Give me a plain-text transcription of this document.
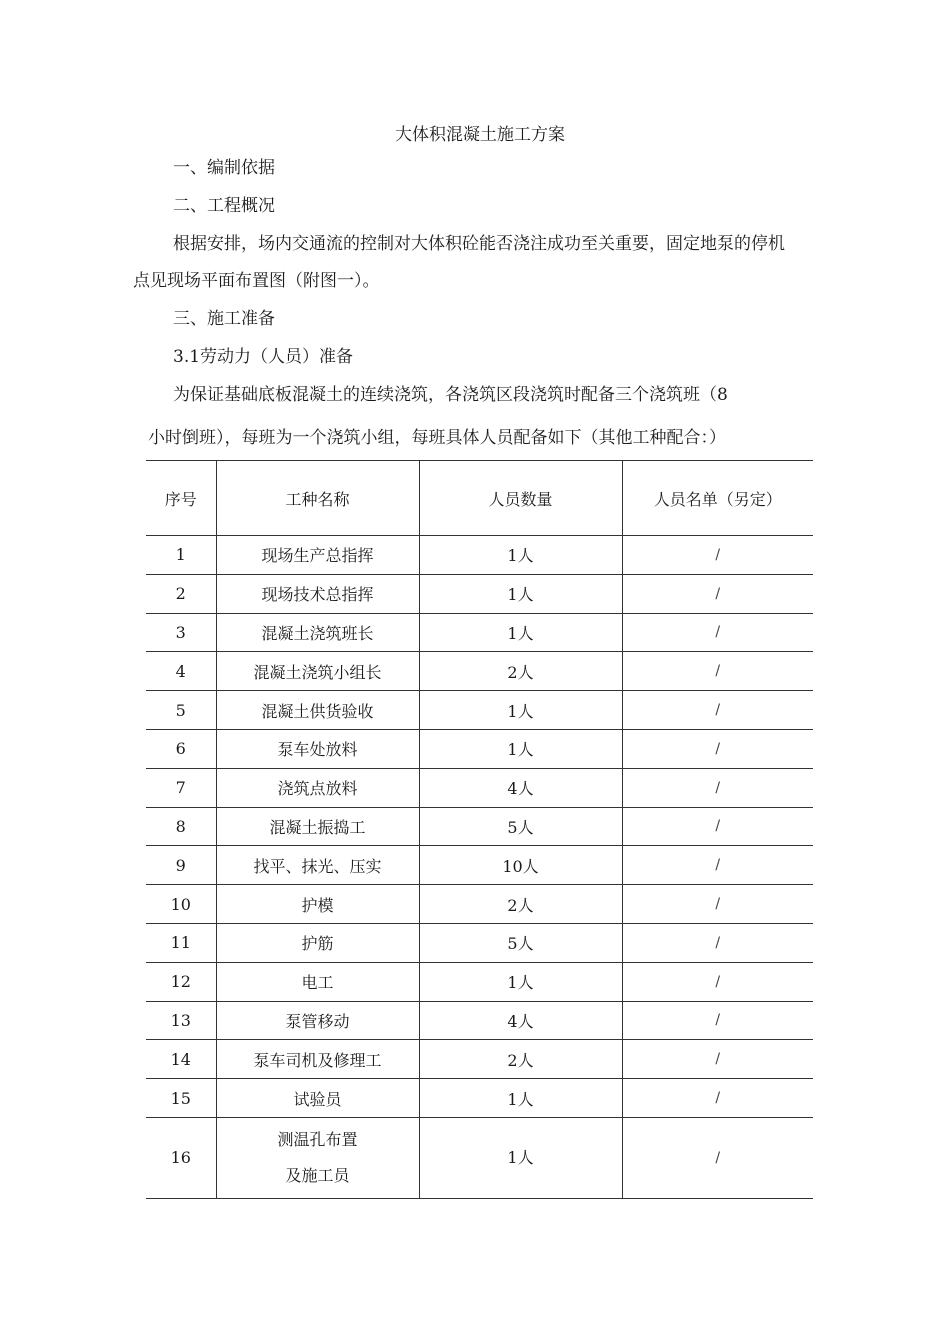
大体积混凝土施工方案
一、编制依据
二、工程概况
根据安排，场内交通流的控制对大体积砼能否浇注成功至关重要，固定地泵的停机
点见现场平面布置图（附图一）。
三、施工准备
3.1劳动力（人员）准备
为保证基础底板混凝土的连续浇筑，各浇筑区段浇筑时配备三个浇筑班（8
小时倒班），每班为一个浇筑小组，每班具体人员配备如下（其他工种配合：）
序号	工种名称	人员数量	人员名单（另定）
1	现场生产总指挥	1人	/
2	现场技术总指挥	1人	/
3	混凝土浇筑班长	1人	/
4	混凝土浇筑小组长	2人	/
5	混凝土供货验收	1人	/
6	泵车处放料	1人	/
7	浇筑点放料	4人	/
8	混凝土振捣工	5人	/
9	找平、抹光、压实	10人	/
10	护模	2人	/
11	护筋	5人	/
12	电工	1人	/
13	泵管移动	4人	/
14	泵车司机及修理工	2人	/
15	试验员	1人	/
16	测温孔布置
及施工员	1人	/
